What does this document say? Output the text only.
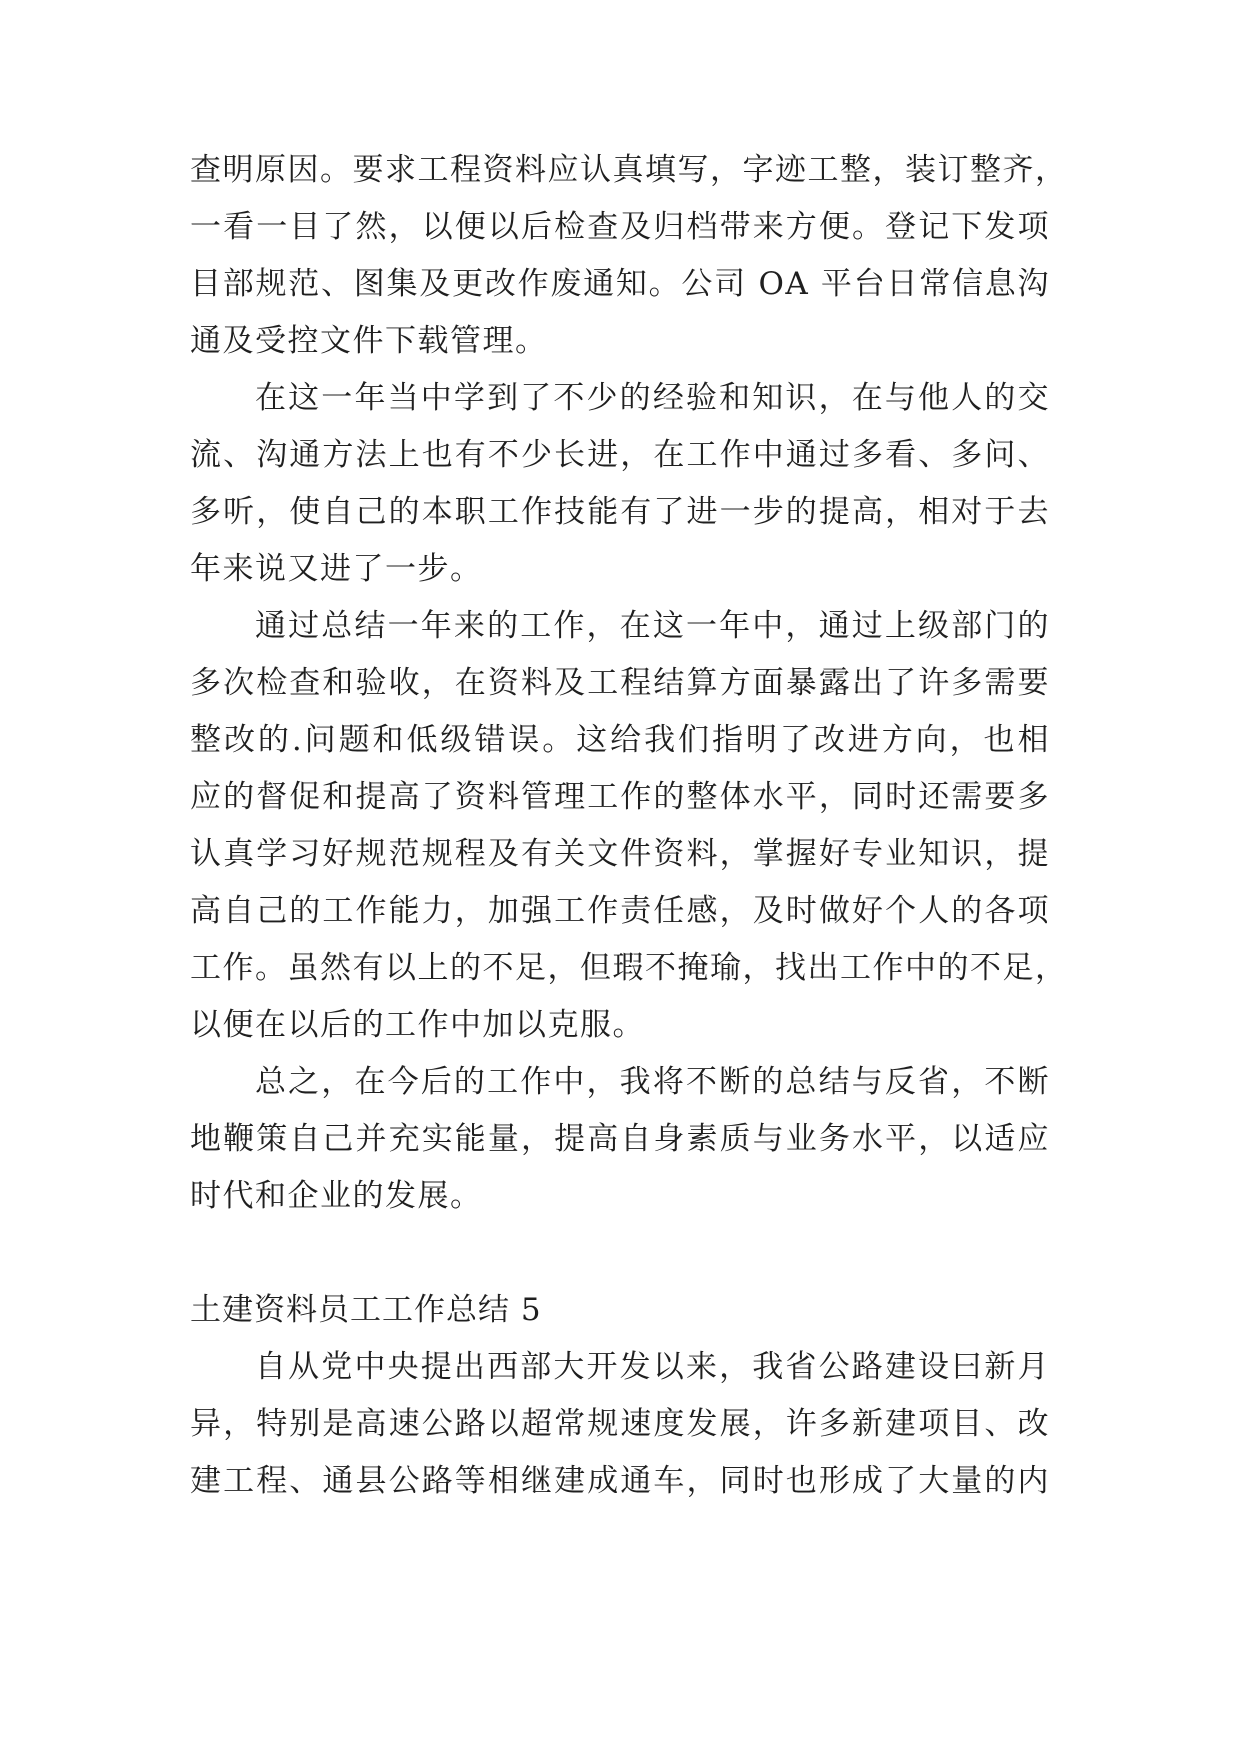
查明原因。要求工程资料应认真填写，字迹工整，装订整齐，

一看一目了然，以便以后检查及归档带来方便。登记下发项

目部规范、图集及更改作废通知。公司 OA 平台日常信息沟

通及受控文件下载管理。

在这一年当中学到了不少的经验和知识，在与他人的交

流、沟通方法上也有不少长进，在工作中通过多看、多问、

多听，使自己的本职工作技能有了进一步的提高，相对于去

年来说又进了一步。

通过总结一年来的工作，在这一年中，通过上级部门的

多次检查和验收，在资料及工程结算方面暴露出了许多需要

整改的.问题和低级错误。这给我们指明了改进方向，也相

应的督促和提高了资料管理工作的整体水平，同时还需要多

认真学习好规范规程及有关文件资料，掌握好专业知识，提

高自己的工作能力，加强工作责任感，及时做好个人的各项

工作。虽然有以上的不足，但瑕不掩瑜，找出工作中的不足，

以便在以后的工作中加以克服。

总之，在今后的工作中，我将不断的总结与反省，不断

地鞭策自己并充实能量，提高自身素质与业务水平，以适应

时代和企业的发展。

土建资料员工工作总结 5

自从党中央提出西部大开发以来，我省公路建设曰新月

异，特别是高速公路以超常规速度发展，许多新建项目、改

建工程、通县公路等相继建成通车，同时也形成了大量的内
